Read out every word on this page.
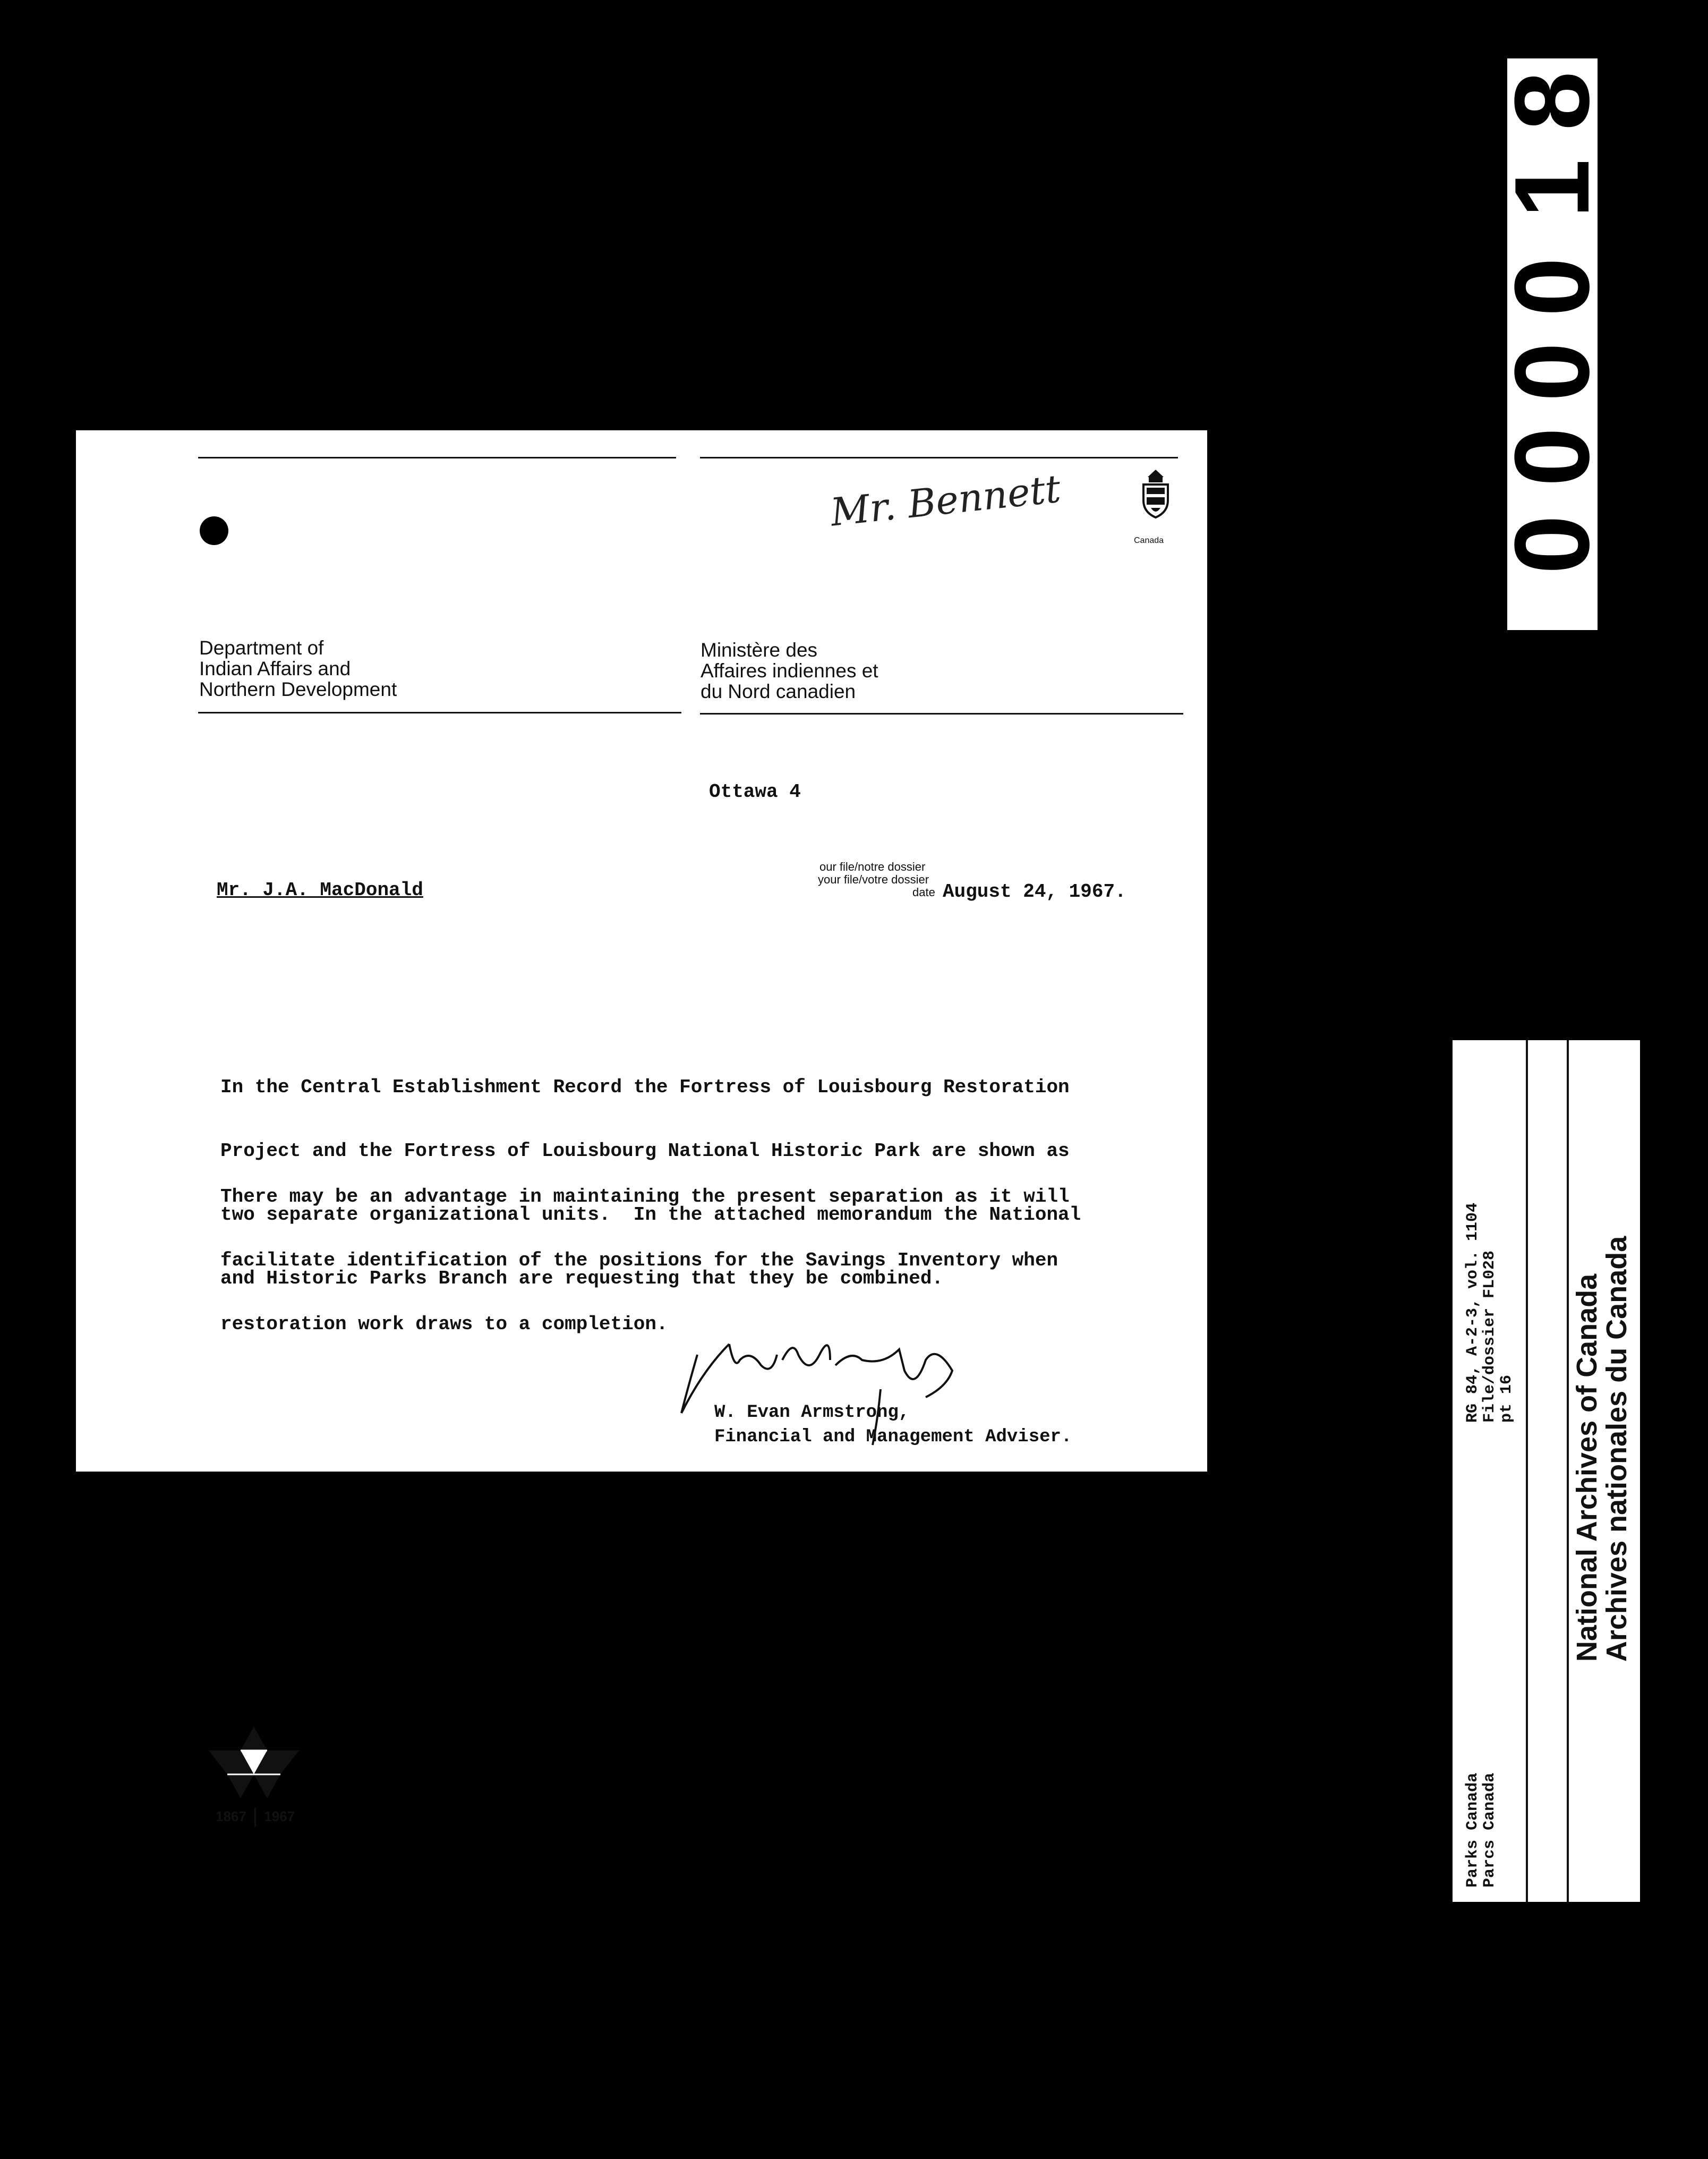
Mr. Bennett
Canada
Department of
Indian Affairs and
Northern Development
Ministère des
Affaires indiennes et
du Nord canadien
Ottawa 4
our file/notre dossier
your file/votre dossier
date
Mr. J.A. MacDonald	August 24, 1967.

In the Central Establishment Record the Fortress of Louisbourg Restoration

Project and the Fortress of Louisbourg National Historic Park are shown as

two separate organizational units.  In the attached memorandum the National

and Historic Parks Branch are requesting that they be combined.

There may be an advantage in maintaining the present separation as it will

facilitate identification of the positions for the Savings Inventory when

restoration work draws to a completion.

W. Evan Armstrong,
Financial and Management Adviser.
1867 1967
8
1
0
0
0
0
RG 84, A-2-3, vol. 1104
File/dossier FL028
pt 16
Parks Canada
Parcs Canada
National Archives of Canada
Archives nationales du Canada
